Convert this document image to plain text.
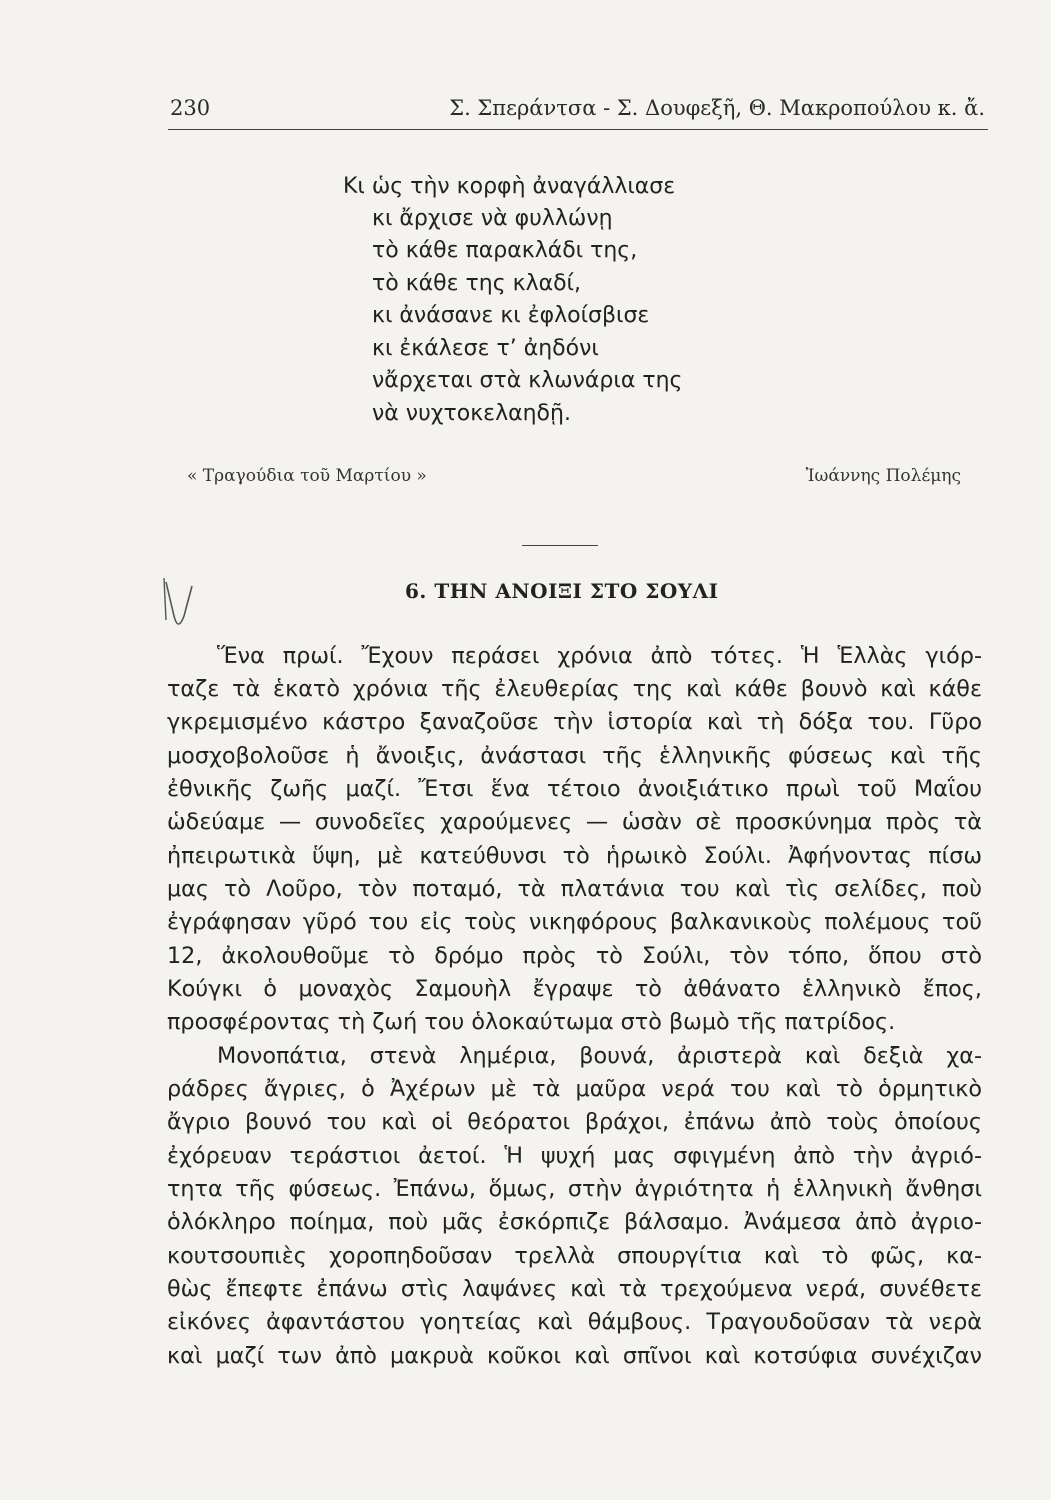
230	Σ. Σπεράντσα - Σ. Δουφεξῆ, Θ. Μακροπούλου κ. ἄ.
Κι ὡς τὴν κορφὴ ἀναγάλλιασε
κι ἄρχισε νὰ φυλλώνῃ
τὸ κάθε παρακλάδι της,
τὸ κάθε της κλαδί,
κι ἀνάσανε κι ἐφλοίσβισε
κι ἐκάλεσε τ’ ἀηδόνι
νἄρχεται στὰ κλωνάρια της
νὰ νυχτοκελαηδῇ.
« Τραγούδια τοῦ Μαρτίου »	Ἰωάννης Πολέμης
6. ΤΗΝ ΑΝΟΙΞΙ ΣΤΟ ΣΟΥΛΙ
Ἕνα πρωί. Ἔχουν περάσει χρόνια ἀπὸ τότες. Ἡ Ἑλλὰς γιόρ-
ταζε τὰ ἑκατὸ χρόνια τῆς ἐλευθερίας της καὶ κάθε βουνὸ καὶ κάθε
γκρεμισμένο κάστρο ξαναζοῦσε τὴν ἱστορία καὶ τὴ δόξα του. Γῦρο
μοσχοβολοῦσε ἡ ἄνοιξις, ἀνάστασι τῆς ἑλληνικῆς φύσεως καὶ τῆς
ἐθνικῆς ζωῆς μαζί. Ἔτσι ἕνα τέτοιο ἀνοιξιάτικο πρωὶ τοῦ Μαΐου
ὡδεύαμε — συνοδεῖες χαρούμενες — ὡσὰν σὲ προσκύνημα πρὸς τὰ
ἠπειρωτικὰ ὕψη, μὲ κατεύθυνσι τὸ ἡρωικὸ Σούλι. Ἀφήνοντας πίσω
μας τὸ Λοῦρο, τὸν ποταμό, τὰ πλατάνια του καὶ τὶς σελίδες, ποὺ
ἐγράφησαν γῦρό του εἰς τοὺς νικηφόρους βαλκανικοὺς πολέμους τοῦ
12, ἀκολουθοῦμε τὸ δρόμο πρὸς τὸ Σούλι, τὸν τόπο, ὅπου στὸ
Κούγκι ὁ μοναχὸς Σαμουὴλ ἔγραψε τὸ ἀθάνατο ἑλληνικὸ ἔπος,
προσφέροντας τὴ ζωή του ὁλοκαύτωμα στὸ βωμὸ τῆς πατρίδος.
Μονοπάτια, στενὰ λημέρια, βουνά, ἀριστερὰ καὶ δεξιὰ χα-
ράδρες ἄγριες, ὁ Ἀχέρων μὲ τὰ μαῦρα νερά του καὶ τὸ ὁρμητικὸ
ἄγριο βουνό του καὶ οἱ θεόρατοι βράχοι, ἐπάνω ἀπὸ τοὺς ὁποίους
ἐχόρευαν τεράστιοι ἀετοί. Ἡ ψυχή μας σφιγμένη ἀπὸ τὴν ἀγριό-
τητα τῆς φύσεως. Ἐπάνω, ὅμως, στὴν ἀγριότητα ἡ ἑλληνικὴ ἄνθησι
ὁλόκληρο ποίημα, ποὺ μᾶς ἐσκόρπιζε βάλσαμο. Ἀνάμεσα ἀπὸ ἀγριο-
κουτσουπιὲς χοροπηδοῦσαν τρελλὰ σπουργίτια καὶ τὸ φῶς, κα-
θὼς ἔπεφτε ἐπάνω στὶς λαψάνες καὶ τὰ τρεχούμενα νερά, συνέθετε
εἰκόνες ἀφαντάστου γοητείας καὶ θάμβους. Τραγουδοῦσαν τὰ νερὰ
καὶ μαζί των ἀπὸ μακρυὰ κοῦκοι καὶ σπῖνοι καὶ κοτσύφια συνέχιζαν
